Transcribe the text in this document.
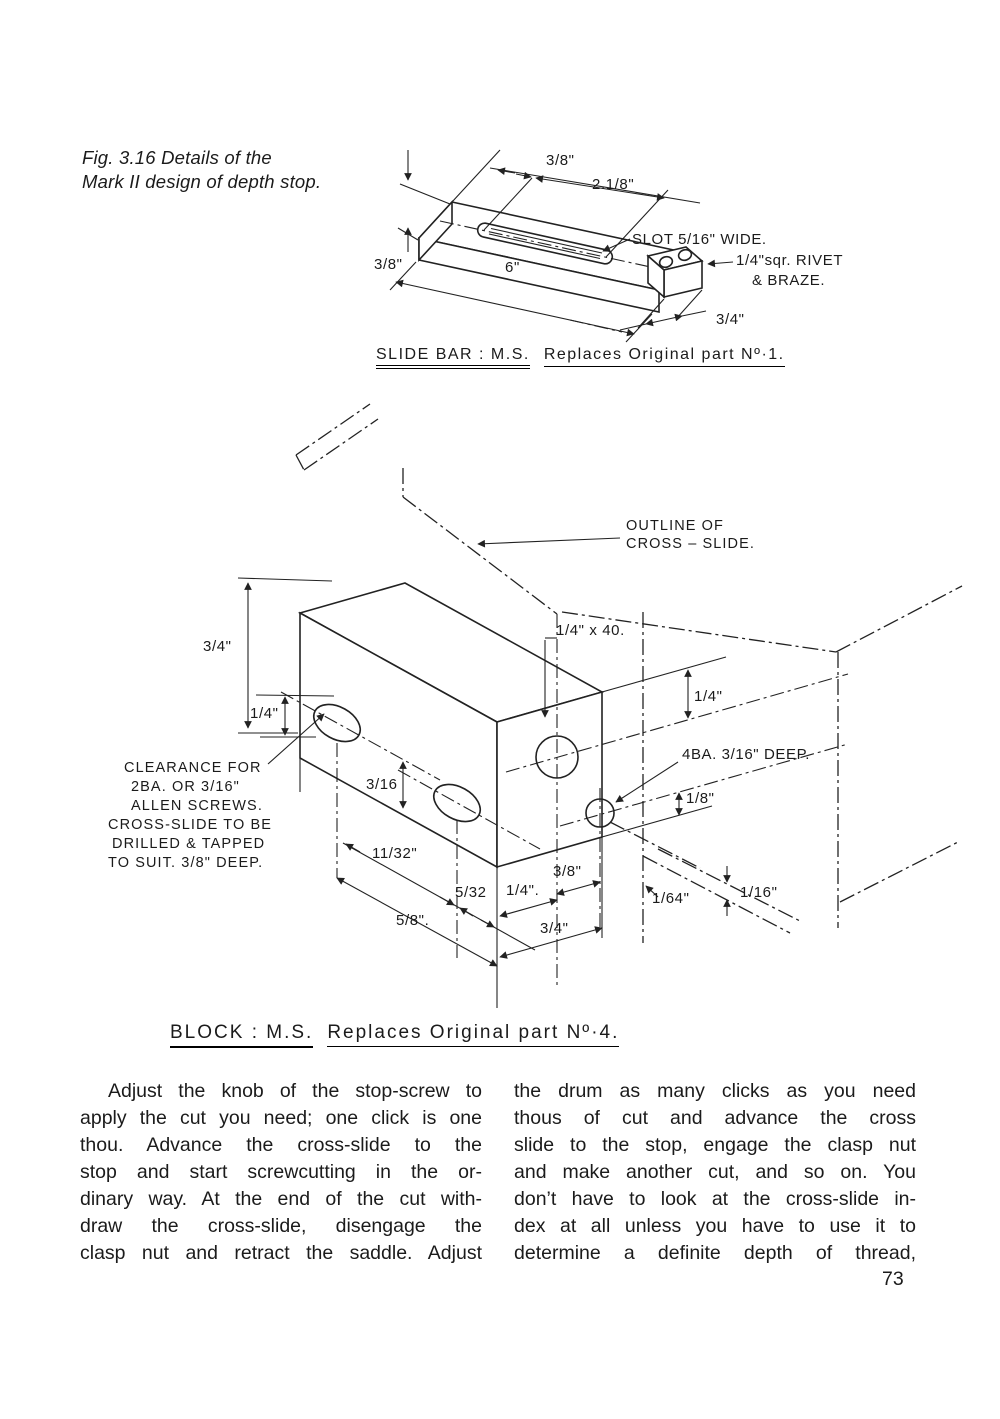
Fig. 3.16 Details of the
Mark II design of depth stop.
3/8"
2.1/8"
SLOT 5/16" WIDE.
1/4"sqr. RIVET
& BRAZE.
3/8"	6"
3/4"
SLIDE BAR : M.S. Replaces Original part Nº·1.
OUTLINE OF
CROSS – SLIDE.
3/4"
1/4"
CLEARANCE FOR
2BA. OR 3/16"
ALLEN SCREWS.
CROSS-SLIDE TO BE
DRILLED & TAPPED
TO SUIT. 3/8" DEEP.
3/16
1/4" x 40.
1/4"
4BA. 3/16" DEEP.
1/8"
11/32"
5/32 1/4".
3/8"
1/64"	1/16"
5/8".	3/4"
BLOCK : M.S. Replaces Original part Nº·4.
Adjust the knob of the stop-screw to
apply the cut you need; one click is one
thou. Advance the cross-slide to the
stop and start screwcutting in the or-
dinary way. At the end of the cut with-
draw the cross-slide, disengage the
clasp nut and retract the saddle. Adjust
the drum as many clicks as you need
thous of cut and advance the cross
slide to the stop, engage the clasp nut
and make another cut, and so on. You
don’t have to look at the cross-slide in-
dex at all unless you have to use it to
determine a definite depth of thread,
73
